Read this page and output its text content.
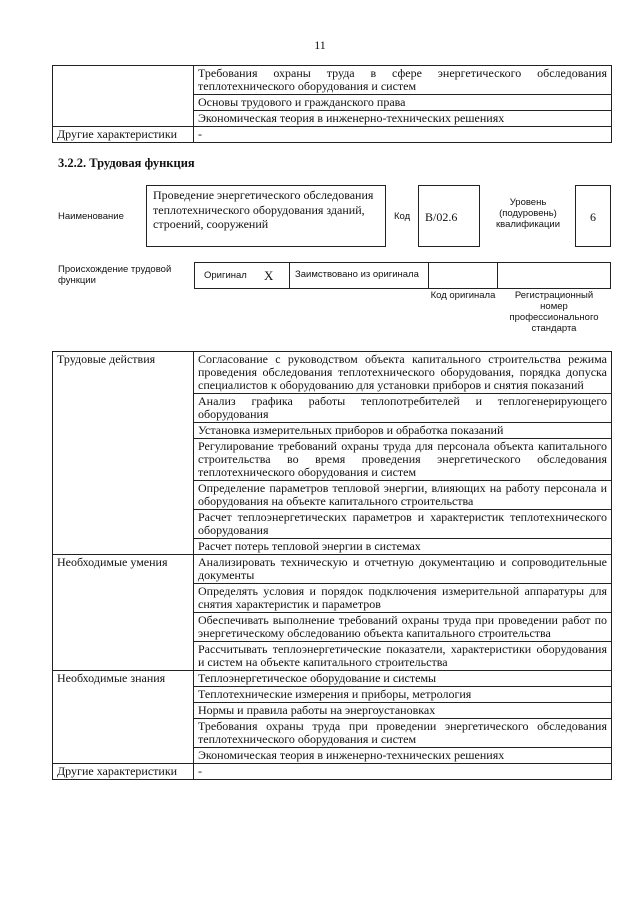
11
	Требования охраны труда в сфере энергетического обследования теплотехнического оборудования и систем
	Основы трудового и гражданского права
	Экономическая теория в инженерно-технических решениях
Другие характеристики	-
3.2.2. Трудовая функция
Наименование
Проведение энергетического обследования теплотехнического оборудования зданий, строений, сооружений
Код	B/02.6
Уровень (подуровень) квалификации
6
Происхождение трудовой функции	Оригинал X	Заимствовано из оригинала
Код оригинала	Регистрационный номер профессионального стандарта
Трудовые действия	Согласование с руководством объекта капитального строительства режима проведения обследования теплотехнического оборудования, порядка допуска специалистов к оборудованию для установки приборов и снятия показаний
	Анализ графика работы теплопотребителей и теплогенерирующего оборудования
	Установка измерительных приборов и обработка показаний
	Регулирование требований охраны труда для персонала объекта капитального строительства во время проведения энергетического обследования теплотехнического оборудования и систем
	Определение параметров тепловой энергии, влияющих на работу персонала и оборудования на объекте капитального строительства
	Расчет теплоэнергетических параметров и характеристик теплотехнического оборудования
	Расчет потерь тепловой энергии в системах
Необходимые умения	Анализировать техническую и отчетную документацию и сопроводительные документы
	Определять условия и порядок подключения измерительной аппаратуры для снятия характеристик и параметров
	Обеспечивать выполнение требований охраны труда при проведении работ по энергетическому обследованию объекта капитального строительства
	Рассчитывать теплоэнергетические показатели, характеристики оборудования и систем на объекте капитального строительства
Необходимые знания	Теплоэнергетическое оборудование и системы
	Теплотехнические измерения и приборы, метрология
	Нормы и правила работы на энергоустановках
	Требования охраны труда при проведении энергетического обследования теплотехнического оборудования и систем
	Экономическая теория в инженерно-технических решениях
Другие характеристики	-
